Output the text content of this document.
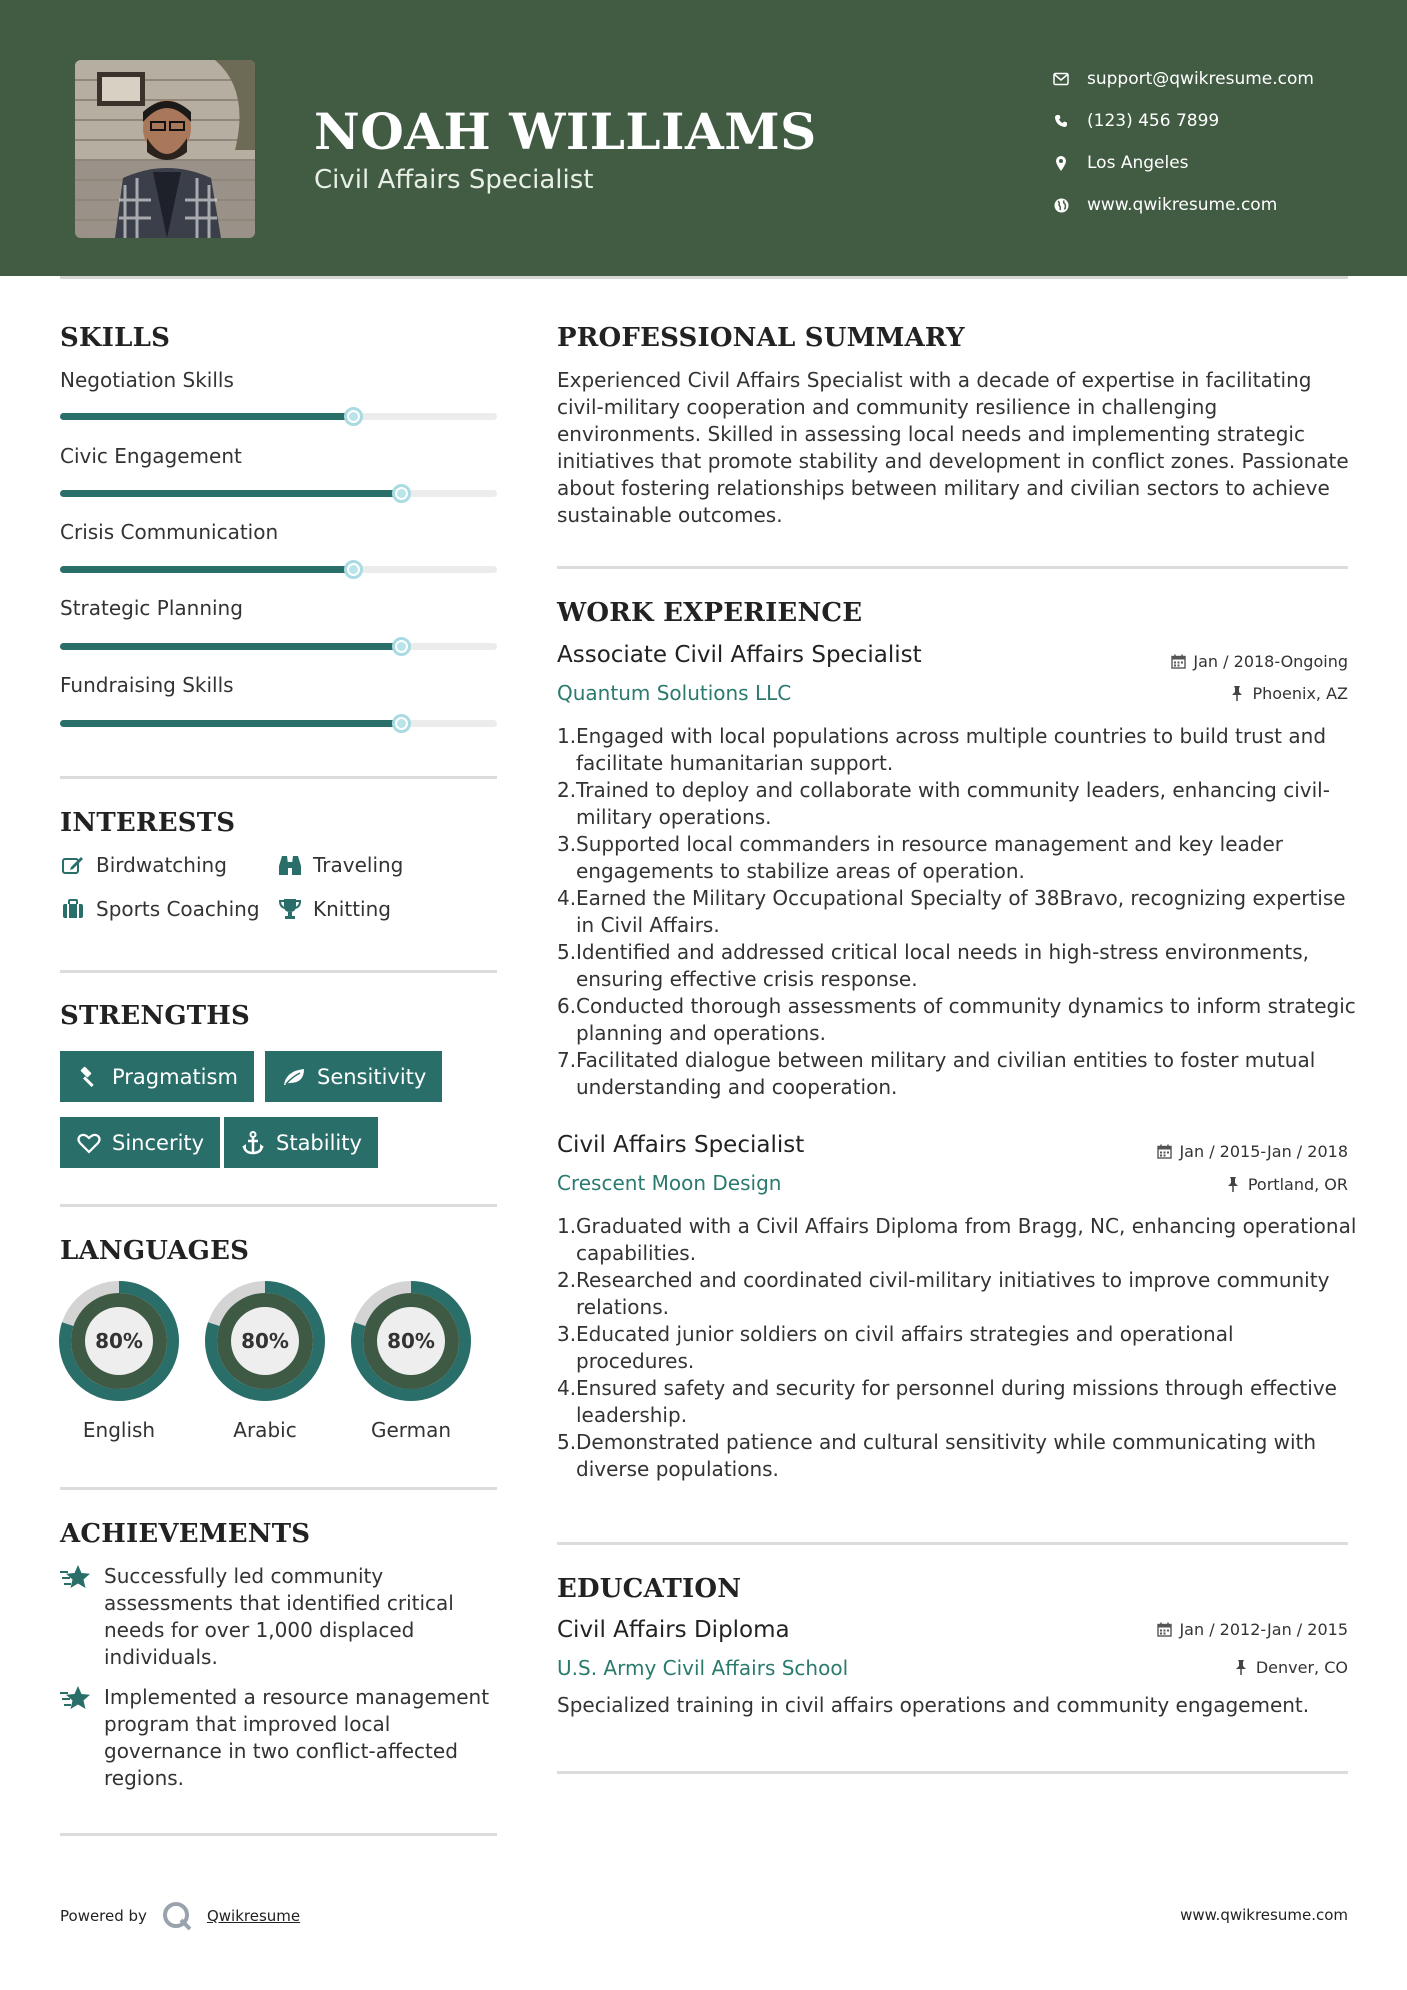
NOAH WILLIAMS
Civil Affairs Specialist
support@qwikresume.com
(123) 456 7899
Los Angeles
www.qwikresume.com
SKILLS
Negotiation Skills
Civic Engagement
Crisis Communication
Strategic Planning
Fundraising Skills
INTERESTS
Birdwatching	Traveling
Sports Coaching	Knitting
STRENGTHS
Pragmatism	Sensitivity
Sincerity	Stability
LANGUAGES
80%
English
80%
Arabic
80%
German
ACHIEVEMENTS
Successfully led community assessments that identified critical needs for over 1,000 displaced individuals.
Implemented a resource management program that improved local governance in two conflict-affected regions.
PROFESSIONAL SUMMARY
Experienced Civil Affairs Specialist with a decade of expertise in facilitating civil-military cooperation and community resilience in challenging environments. Skilled in assessing local needs and implementing strategic initiatives that promote stability and development in conflict zones. Passionate about fostering relationships between military and civilian sectors to achieve sustainable outcomes.
WORK EXPERIENCE
Associate Civil Affairs Specialist	Jan / 2018-Ongoing
Quantum Solutions LLC	Phoenix, AZ
1. Engaged with local populations across multiple countries to build trust and facilitate humanitarian support.
2. Trained to deploy and collaborate with community leaders, enhancing civil-military operations.
3. Supported local commanders in resource management and key leader engagements to stabilize areas of operation.
4. Earned the Military Occupational Specialty of 38Bravo, recognizing expertise in Civil Affairs.
5. Identified and addressed critical local needs in high-stress environments, ensuring effective crisis response.
6. Conducted thorough assessments of community dynamics to inform strategic planning and operations.
7. Facilitated dialogue between military and civilian entities to foster mutual understanding and cooperation.
Civil Affairs Specialist	Jan / 2015-Jan / 2018
Crescent Moon Design	Portland, OR
1. Graduated with a Civil Affairs Diploma from Bragg, NC, enhancing operational capabilities.
2. Researched and coordinated civil-military initiatives to improve community relations.
3. Educated junior soldiers on civil affairs strategies and operational procedures.
4. Ensured safety and security for personnel during missions through effective leadership.
5. Demonstrated patience and cultural sensitivity while communicating with diverse populations.
EDUCATION
Civil Affairs Diploma	Jan / 2012-Jan / 2015
U.S. Army Civil Affairs School	Denver, CO
Specialized training in civil affairs operations and community engagement.
Powered by	Qwikresume	www.qwikresume.com
